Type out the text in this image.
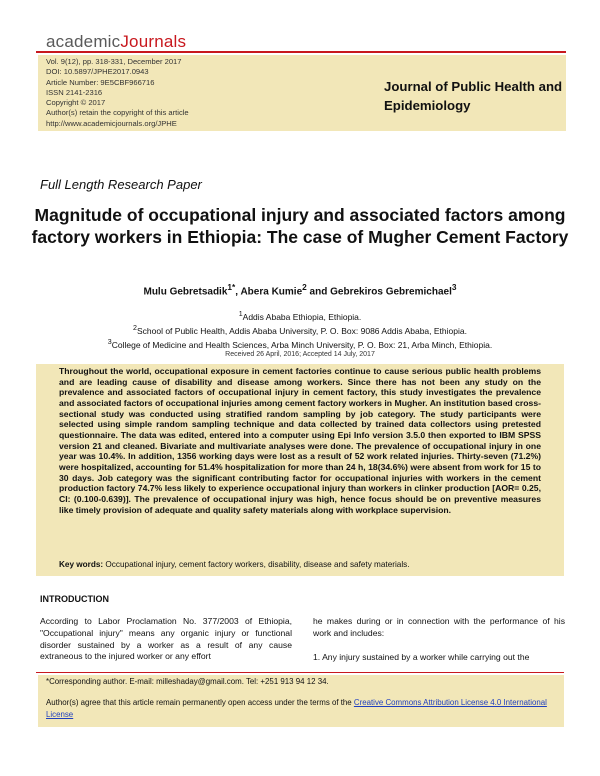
academicJournals
Vol. 9(12), pp. 318-331, December 2017
DOI: 10.5897/JPHE2017.0943
Article Number: 9E5CBF966716
ISSN 2141-2316
Copyright © 2017
Author(s) retain the copyright of this article
http://www.academicjournals.org/JPHE
Journal of Public Health and Epidemiology
Full Length Research Paper
Magnitude of occupational injury and associated factors among factory workers in Ethiopia: The case of Mugher Cement Factory
Mulu Gebretsadik$^{1*}$, Abera Kumie$^2$ and Gebrekiros Gebremichael$^3$
$^1$Addis Ababa Ethiopia, Ethiopia.
$^2$School of Public Health, Addis Ababa University, P. O. Box: 9086 Addis Ababa, Ethiopia.
$^3$College of Medicine and Health Sciences, Arba Minch University, P. O. Box: 21, Arba Minch, Ethiopia.
Received 26 April, 2016; Accepted 14 July, 2017
Throughout the world, occupational exposure in cement factories continue to cause serious public health problems and are leading cause of disability and disease among workers. Since there has not been any study on the prevalence and associated factors of occupational injury in cement factory, this study investigates the prevalence and associated factors of occupational injuries among cement factory workers in Mugher. An institution based cross-sectional study was conducted using stratified random sampling by job category. The study participants were selected using simple random sampling technique and data collected by trained data collectors using pretested questionnaire. The data was edited, entered into a computer using Epi Info version 3.5.0 then exported to IBM SPSS version 21 and cleaned. Bivariate and multivariate analyses were done. The prevalence of occupational injury in one year was 10.4%. In addition, 1356 working days were lost as a result of 52 work related injuries. Thirty-seven (71.2%) were hospitalized, accounting for 51.4% hospitalization for more than 24 h, 18(34.6%) were absent from work for 15 to 30 days. Job category was the significant contributing factor for occupational injuries with workers in the cement production factory 74.7% less likely to experience occupational injury than workers in clinker production [AOR= 0.25, CI: (0.100-0.639)]. The prevalence of occupational injury was high, hence focus should be on preventive measures like timely provision of adequate and quality safety materials along with workplace supervision.
Key words: Occupational injury, cement factory workers, disability, disease and safety materials.
INTRODUCTION
According to Labor Proclamation No. 377/2003 of Ethiopia, "Occupational injury" means any organic injury or functional disorder sustained by a worker as a result of any cause extraneous to the injured worker or any effort

he makes during or in connection with the performance of his work and includes:

1. Any injury sustained by a worker while carrying out the

*Corresponding author. E-mail: milleshaday@gmail.com. Tel: +251 913 94 12 34.
Author(s) agree that this article remain permanently open access under the terms of the Creative Commons Attribution License 4.0 International License
